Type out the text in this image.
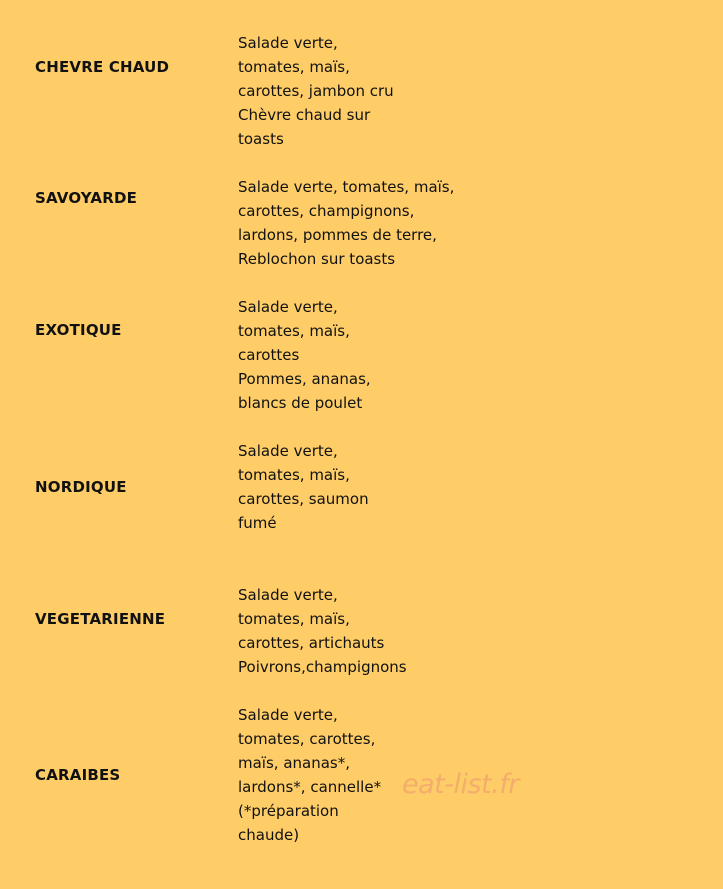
CHEVRE CHAUD
Salade verte,
tomates, maïs,
carottes, jambon cru
Chèvre chaud sur
toasts
SAVOYARDE
Salade verte, tomates, maïs,
carottes, champignons,
lardons, pommes de terre,
Reblochon sur toasts
EXOTIQUE
Salade verte,
tomates, maïs,
carottes
Pommes, ananas,
blancs de poulet
NORDIQUE
Salade verte,
tomates, maïs,
carottes, saumon
fumé
VEGETARIENNE
Salade verte,
tomates, maïs,
carottes, artichauts
Poivrons,champignons
CARAIBES
Salade verte,
tomates, carottes,
maïs, ananas*,
lardons*, cannelle*
(*préparation
chaude)
eat-list.fr
